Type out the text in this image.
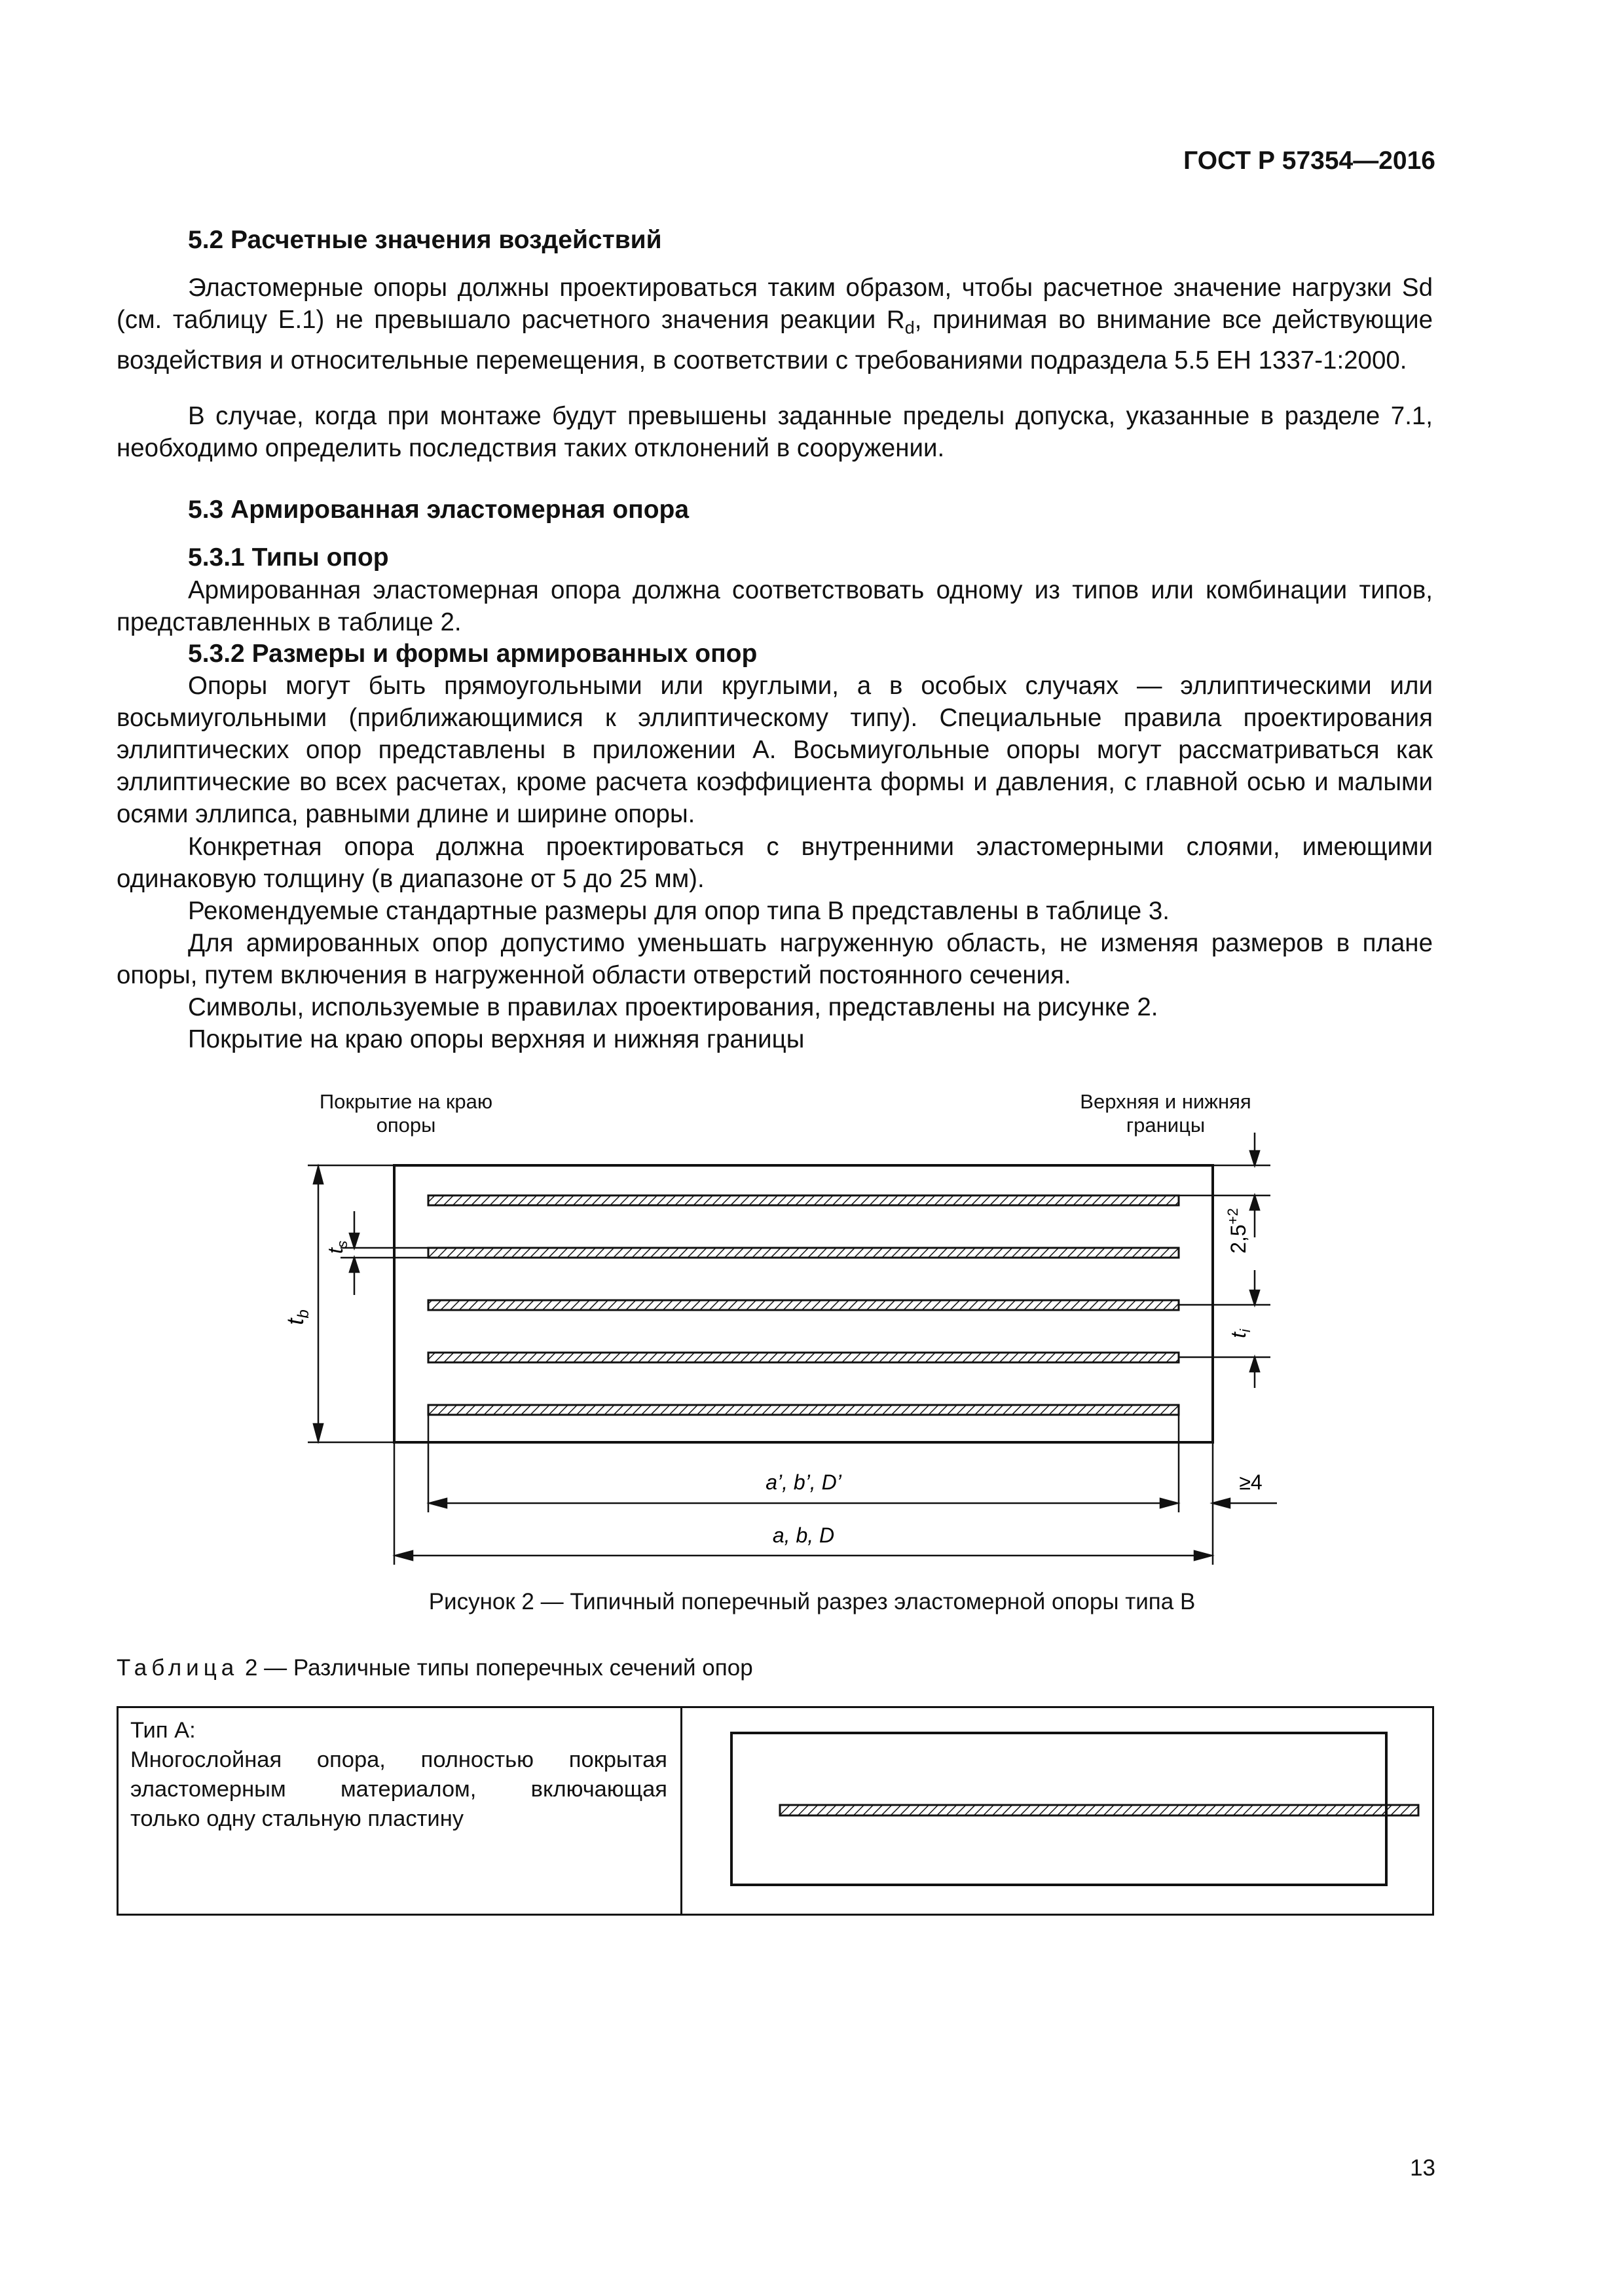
ГОСТ Р 57354—2016
5.2 Расчетные значения воздействий
Эластомерные опоры должны проектироваться таким образом, чтобы расчетное значение нагрузки Sd (см. таблицу Е.1) не превышало расчетного значения реакции $R_d$, принимая во внимание все действующие воздействия и относительные перемещения, в соответствии с требованиями подраздела 5.5 ЕН 1337-1:2000.
В случае, когда при монтаже будут превышены заданные пределы допуска, указанные в разделе 7.1, необходимо определить последствия таких отклонений в сооружении.
5.3 Армированная эластомерная опора
5.3.1 Типы опор
Армированная эластомерная опора должна соответствовать одному из типов или комбинации типов, представленных в таблице 2.
5.3.2 Размеры и формы армированных опор
Опоры могут быть прямоугольными или круглыми, а в особых случаях — эллиптическими или восьмиугольными (приближающимися к эллиптическому типу). Специальные правила проектирования эллиптических опор представлены в приложении А. Восьмиугольные опоры могут рассматриваться как эллиптические во всех расчетах, кроме расчета коэффициента формы и давления, с главной осью и малыми осями эллипса, равными длине и ширине опоры.
Конкретная опора должна проектироваться с внутренними эластомерными слоями, имеющими одинаковую толщину (в диапазоне от 5 до 25 мм).
Рекомендуемые стандартные размеры для опор типа В представлены в таблице 3.
Для армированных опор допустимо уменьшать нагруженную область, не изменяя размеров в плане опоры, путем включения в нагруженной области отверстий постоянного сечения.
Символы, используемые в правилах проектирования, представлены на рисунке 2.
Покрытие на краю опоры верхняя и нижняя границы
Покрытие на краю
опоры
Верхняя и нижняя
границы
$t_b$
$t_s$	$2,5^{+2}$
$t_i$
a’, b’, D’	≥4
a, b, D
Рисунок 2 — Типичный поперечный разрез эластомерной опоры типа В
Таблица 2 — Различные типы поперечных сечений опор
Тип А:
Многослойная опора, полностью покрытая
эластомерным материалом, включающая
только одну стальную пластину
13
